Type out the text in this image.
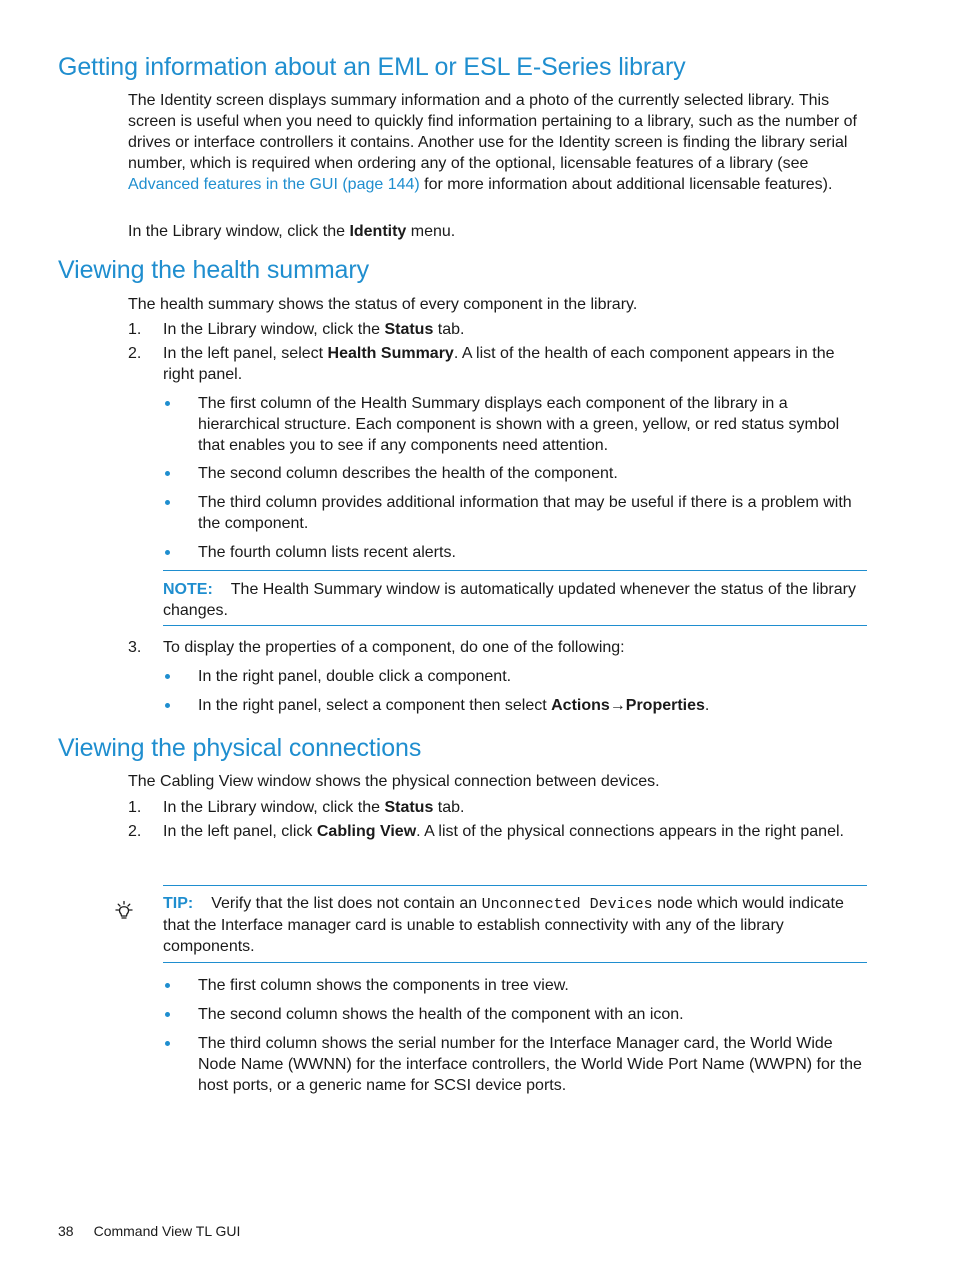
Getting information about an EML or ESL E-Series library

The Identity screen displays summary information and a photo of the currently selected library. This screen is useful when you need to quickly find information pertaining to a library, such as the number of drives or interface controllers it contains. Another use for the Identity screen is finding the library serial number, which is required when ordering any of the optional, licensable features of a library (see Advanced features in the GUI (page 144) for more information about additional licensable features).

In the Library window, click the Identity menu.

Viewing the health summary

The health summary shows the status of every component in the library.

1. In the Library window, click the Status tab.

2. In the left panel, select Health Summary. A list of the health of each component appears in the right panel.

The first column of the Health Summary displays each component of the library in a hierarchical structure. Each component is shown with a green, yellow, or red status symbol that enables you to see if any components need attention.

The second column describes the health of the component.

The third column provides additional information that may be useful if there is a problem with the component.

The fourth column lists recent alerts.

NOTE: The Health Summary window is automatically updated whenever the status of the library changes.

3. To display the properties of a component, do one of the following:

In the right panel, double click a component.

In the right panel, select a component then select Actions→Properties.

Viewing the physical connections

The Cabling View window shows the physical connection between devices.

1. In the Library window, click the Status tab.

2. In the left panel, click Cabling View. A list of the physical connections appears in the right panel.

TIP: Verify that the list does not contain an Unconnected Devices node which would indicate that the Interface manager card is unable to establish connectivity with any of the library components.

The first column shows the components in tree view.

The second column shows the health of the component with an icon.

The third column shows the serial number for the Interface Manager card, the World Wide Node Name (WWNN) for the interface controllers, the World Wide Port Name (WWPN) for the host ports, or a generic name for SCSI device ports.

38 Command View TL GUI
